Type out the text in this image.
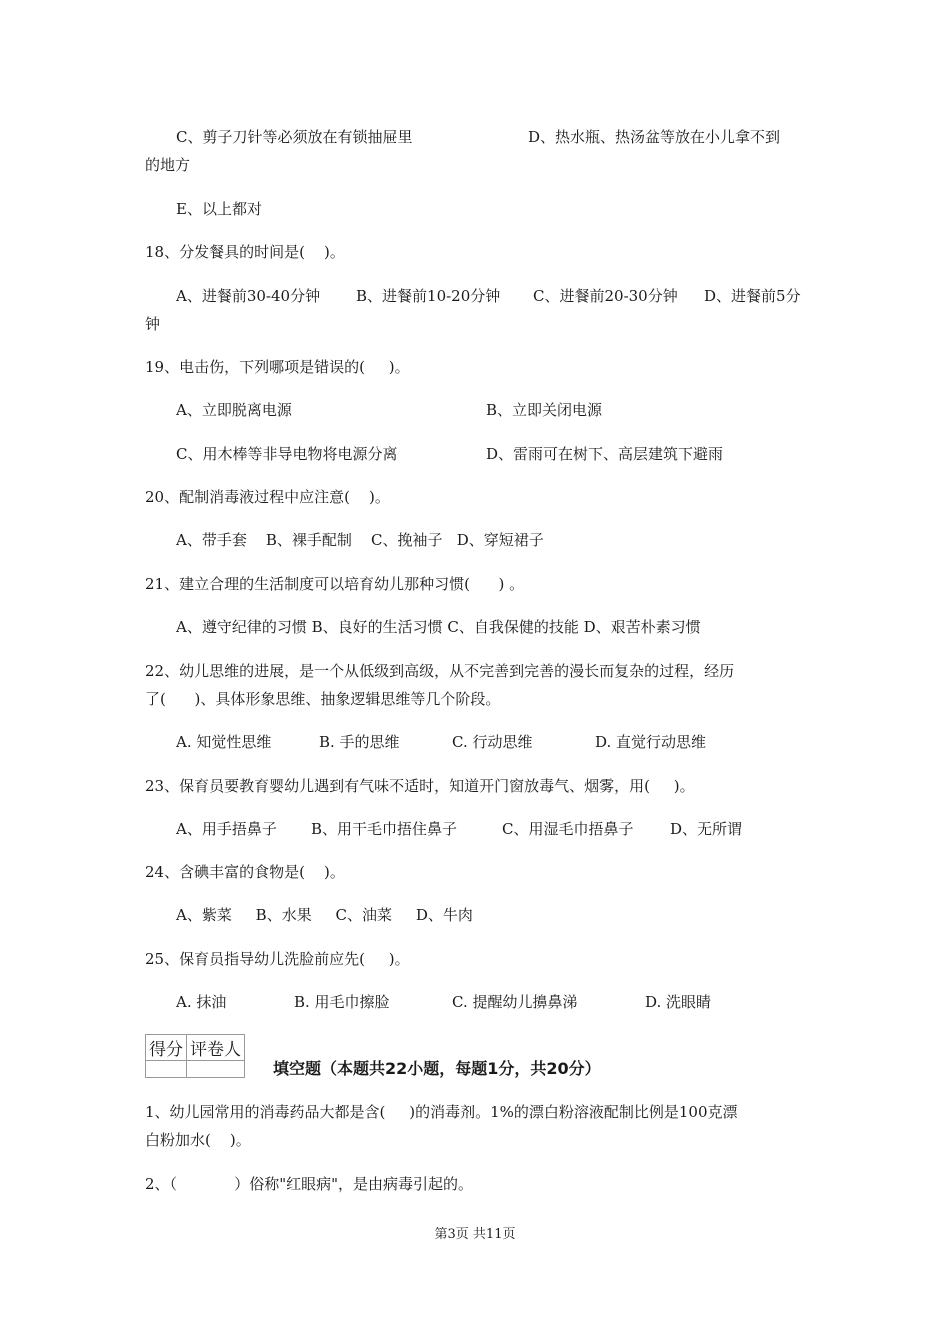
C、剪子刀针等必须放在有锁抽屉里	D、热水瓶、热汤盆等放在小儿拿不到
的地方
E、以上都对
18、分发餐具的时间是(    )。
A、进餐前30-40分钟 B、进餐前10-20分钟 C、进餐前20-30分钟 D、进餐前5分
钟
19、电击伤，下列哪项是错误的(     )。
A、立即脱离电源	B、立即关闭电源
C、用木棒等非导电物将电源分离	D、雷雨可在树下、高层建筑下避雨
20、配制消毒液过程中应注意(    )。
A、带手套    B、裸手配制    C、挽袖子   D、穿短裙子
21、建立合理的生活制度可以培育幼儿那种习惯(      ) 。
A、遵守纪律的习惯 B、良好的生活习惯 C、自我保健的技能 D、艰苦朴素习惯
22、幼儿思维的进展，是一个从低级到高级，从不完善到完善的漫长而复杂的过程，经历
了(      )、具体形象思维、抽象逻辑思维等几个阶段。
A. 知觉性思维	B. 手的思维	C. 行动思维	D. 直觉行动思维
23、保育员要教育婴幼儿遇到有气味不适时，知道开门窗放毒气、烟雾，用(     )。
A、用手捂鼻子 B、用干毛巾捂住鼻子	C、用湿毛巾捂鼻子 D、无所谓
24、含碘丰富的食物是(    )。
A、紫菜     B、水果     C、油菜     D、牛肉
25、保育员指导幼儿洗脸前应先(     )。
A. 抹油	B. 用毛巾擦脸	C. 提醒幼儿擤鼻涕	D. 洗眼睛
得分	评卷人

填空题（本题共22小题，每题1分，共20分）
1、幼儿园常用的消毒药品大都是含(     )的消毒剂。1%的漂白粉溶液配制比例是100克漂
白粉加水(    )。
2、（            ）俗称"红眼病"，是由病毒引起的。
第3页 共11页
